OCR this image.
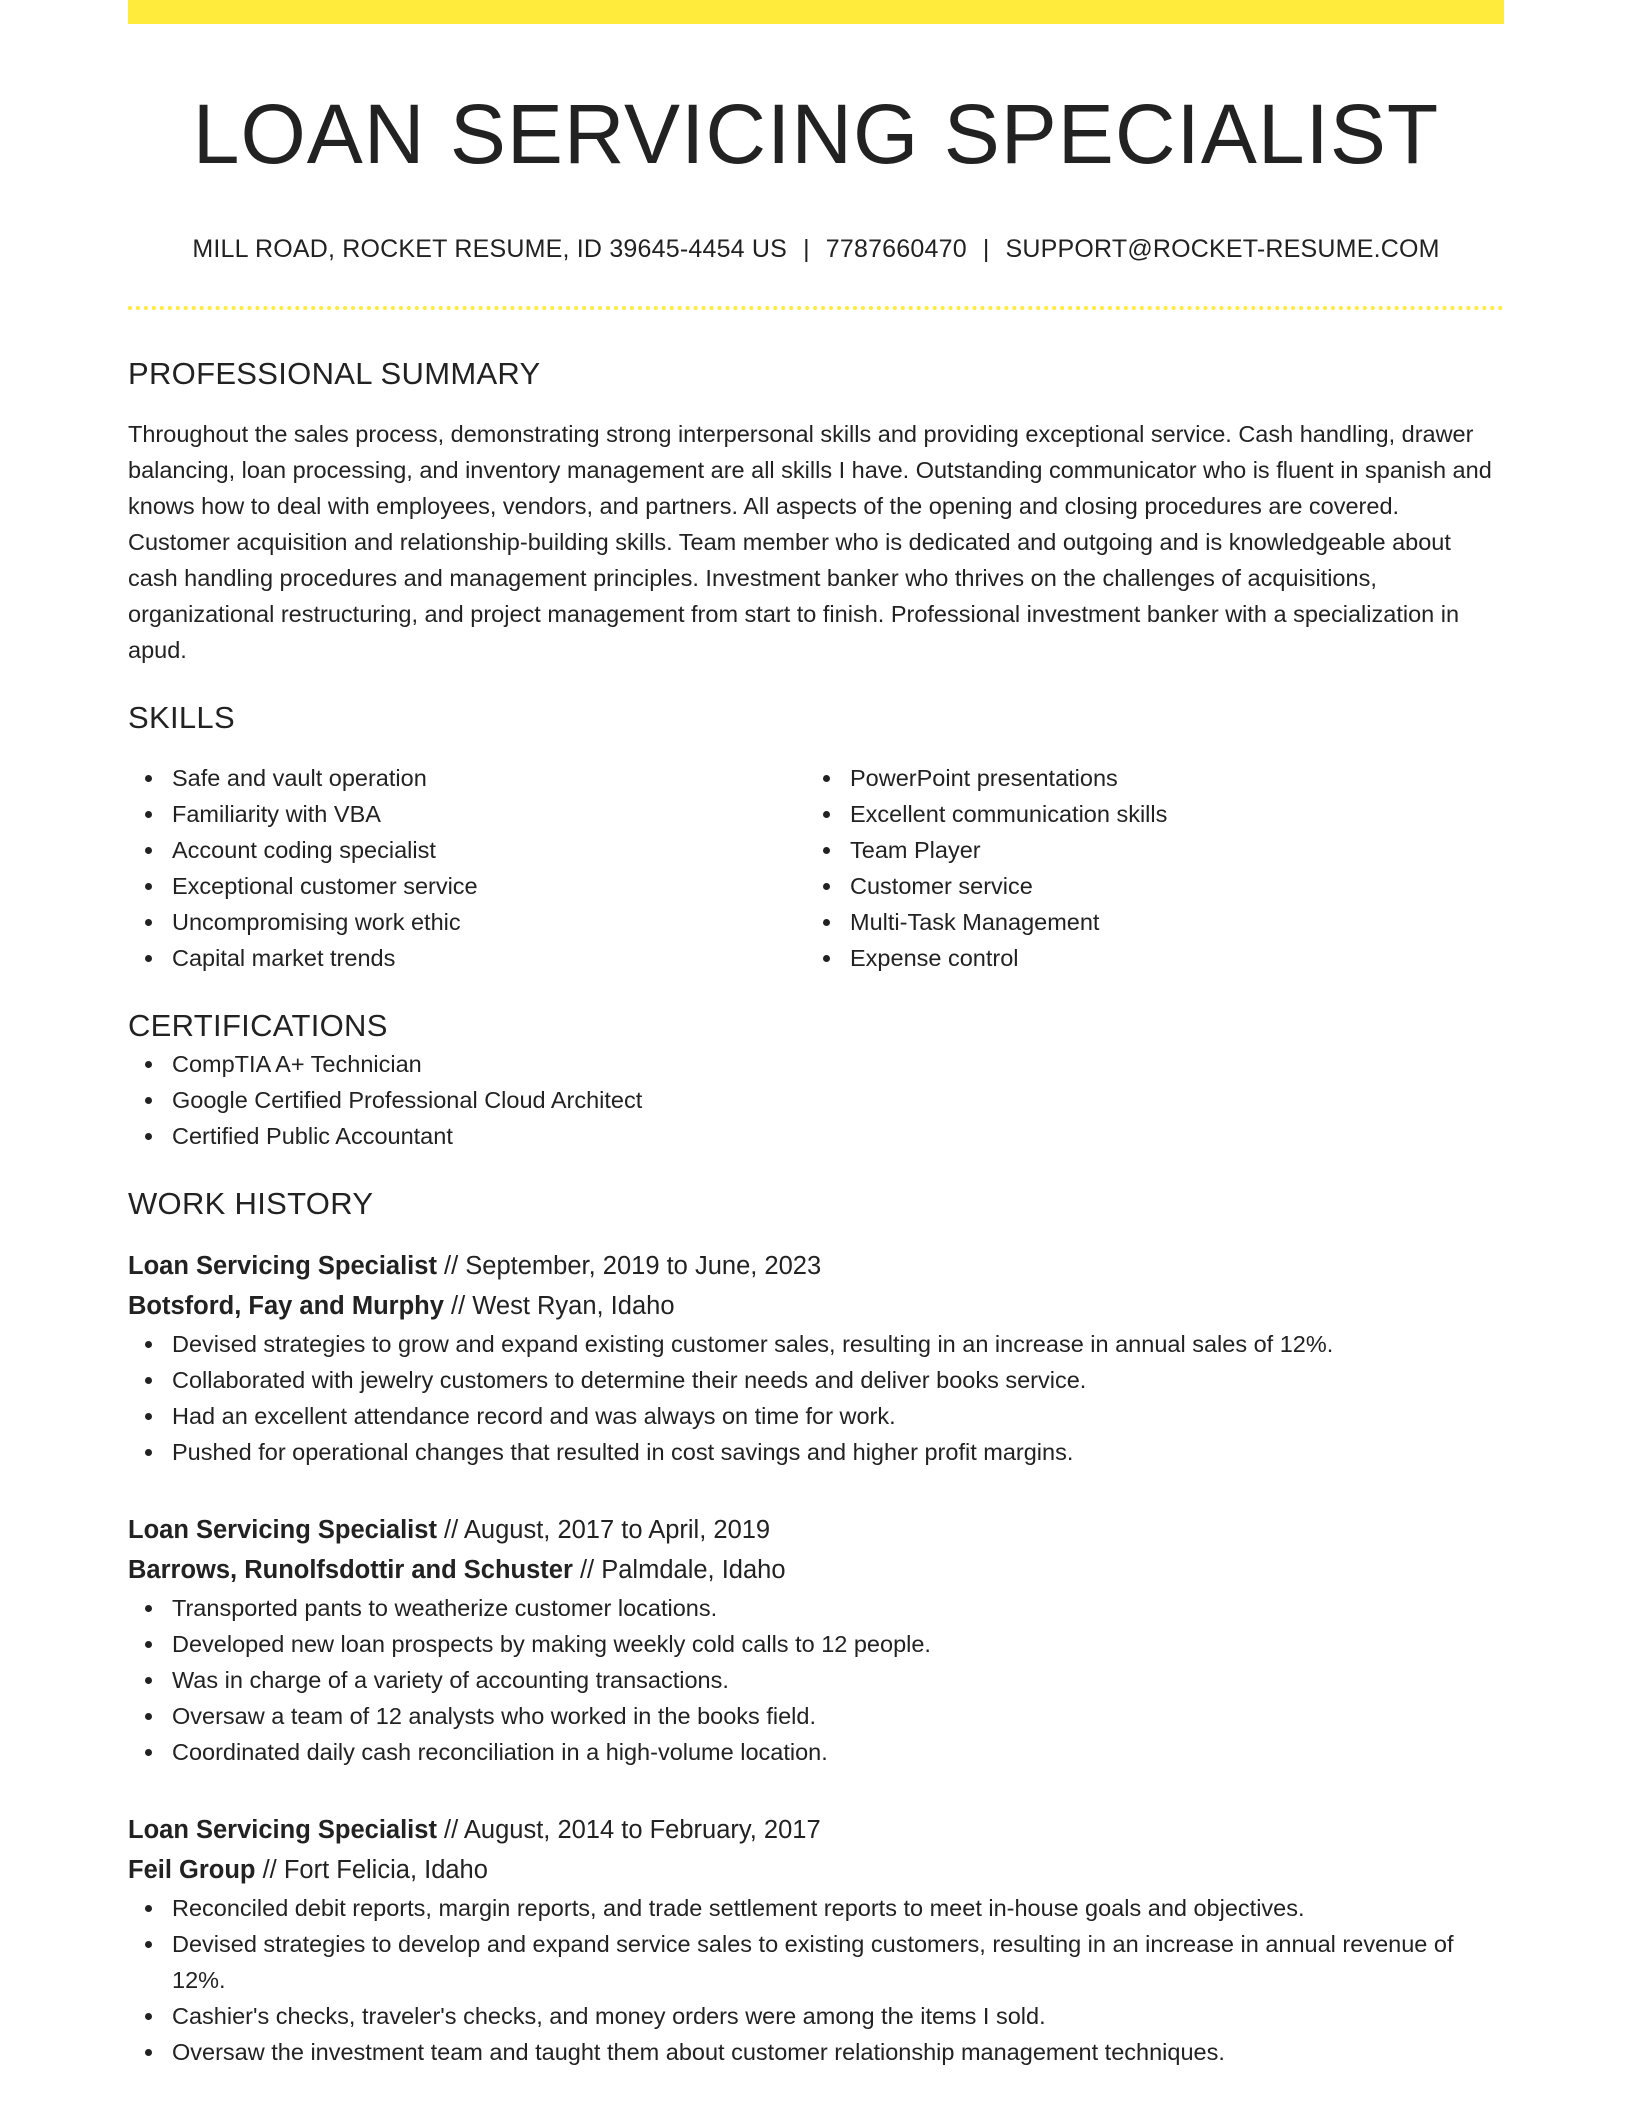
LOAN SERVICING SPECIALIST
MILL ROAD, ROCKET RESUME, ID 39645-4454 US | 7787660470 | SUPPORT@ROCKET-RESUME.COM
PROFESSIONAL SUMMARY

Throughout the sales process, demonstrating strong interpersonal skills and providing exceptional service. Cash handling, drawer balancing, loan processing, and inventory management are all skills I have. Outstanding communicator who is fluent in spanish and knows how to deal with employees, vendors, and partners. All aspects of the opening and closing procedures are covered. Customer acquisition and relationship-building skills. Team member who is dedicated and outgoing and is knowledgeable about cash handling procedures and management principles. Investment banker who thrives on the challenges of acquisitions, organizational restructuring, and project management from start to finish. Professional investment banker with a specialization in apud.

SKILLS
Safe and vault operation
Familiarity with VBA
Account coding specialist
Exceptional customer service
Uncompromising work ethic
Capital market trends
PowerPoint presentations
Excellent communication skills
Team Player
Customer service
Multi-Task Management
Expense control
CERTIFICATIONS
CompTIA A+ Technician
Google Certified Professional Cloud Architect
Certified Public Accountant
WORK HISTORY
Loan Servicing Specialist // September, 2019 to June, 2023
Botsford, Fay and Murphy // West Ryan, Idaho
Devised strategies to grow and expand existing customer sales, resulting in an increase in annual sales of 12%.
Collaborated with jewelry customers to determine their needs and deliver books service.
Had an excellent attendance record and was always on time for work.
Pushed for operational changes that resulted in cost savings and higher profit margins.
Loan Servicing Specialist // August, 2017 to April, 2019
Barrows, Runolfsdottir and Schuster // Palmdale, Idaho
Transported pants to weatherize customer locations.
Developed new loan prospects by making weekly cold calls to 12 people.
Was in charge of a variety of accounting transactions.
Oversaw a team of 12 analysts who worked in the books field.
Coordinated daily cash reconciliation in a high-volume location.
Loan Servicing Specialist // August, 2014 to February, 2017
Feil Group // Fort Felicia, Idaho
Reconciled debit reports, margin reports, and trade settlement reports to meet in-house goals and objectives.
Devised strategies to develop and expand service sales to existing customers, resulting in an increase in annual revenue of 12%.
Cashier's checks, traveler's checks, and money orders were among the items I sold.
Oversaw the investment team and taught them about customer relationship management techniques.
